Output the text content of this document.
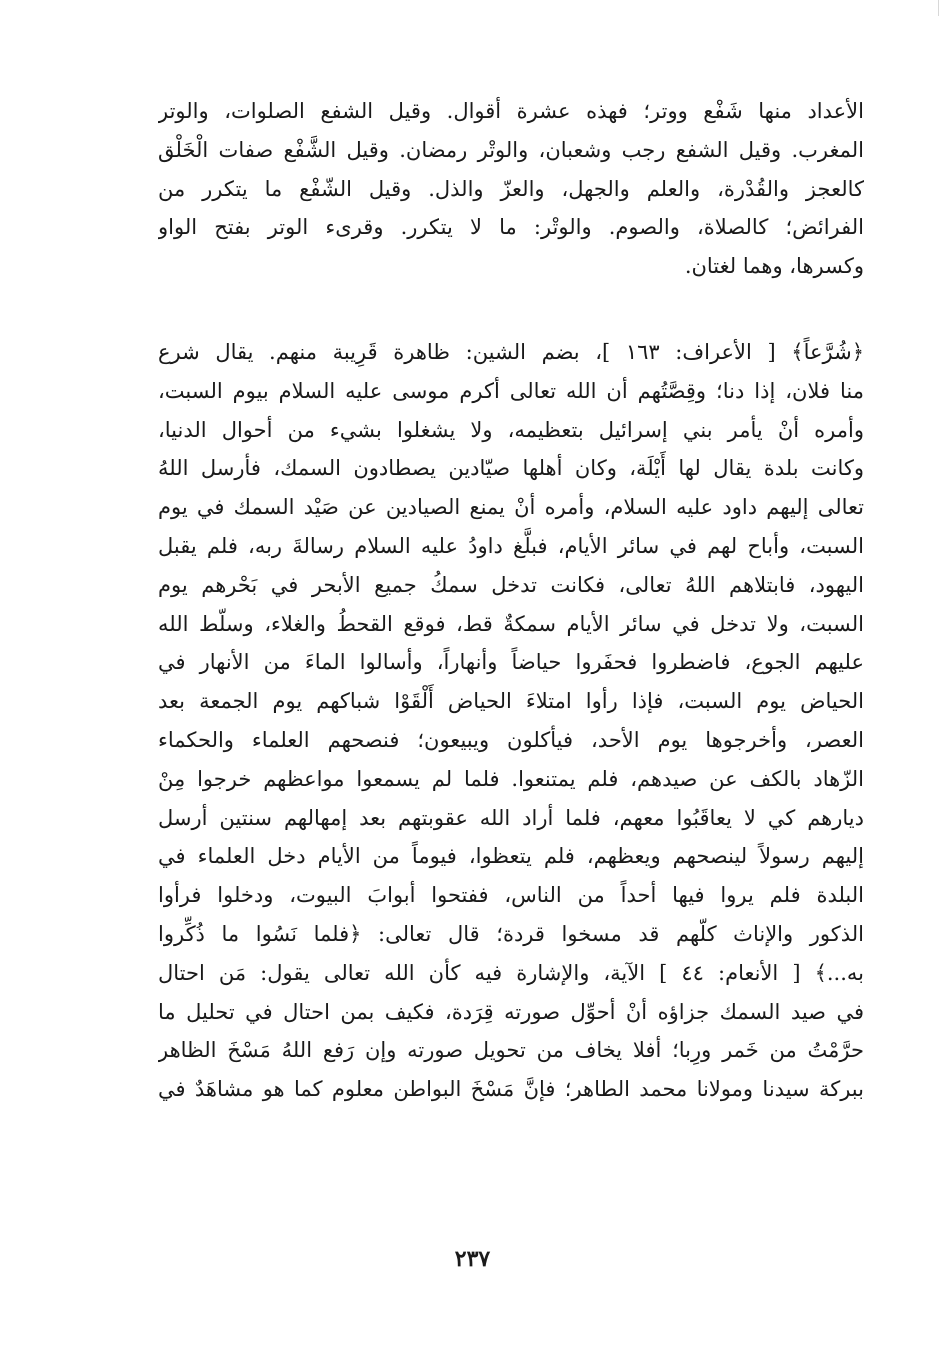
الأعداد منها شَفْع ووتر؛ فهذه عشرة أقوال. وقيل الشفع الصلوات، والوتر
المغرب. وقيل الشفع رجب وشعبان، والوتْر رمضان. وقيل الشَّفْع صفات الْخَلْق
كالعجز والقُدْرة، والعلم والجهل، والعزّ والذل. وقيل الشّفْع ما يتكرر من
الفرائض؛ كالصلاة، والصوم. والوتْر: ما لا يتكرر. وقرىء الوتر بفتح الواو
وكسرها، وهما لغتان.
﴿شُرَّعاً﴾ [ الأعراف: ١٦٣ ]، بضم الشين: ظاهرة قَرِيبة منهم. يقال شرع
منا فلان، إذا دنا؛ وقِصَّتُهم أن الله تعالى أكرم موسى عليه السلام بيوم السبت،
وأمره أنْ يأمر بني إسرائيل بتعظيمه، ولا يشغلوا بشيء من أحوال الدنيا،
وكانت بلدة يقال لها أَيْلَة، وكان أهلها صيّادين يصطادون السمك، فأرسل اللهُ
تعالى إليهم داود عليه السلام، وأمره أنْ يمنع الصيادين عن صَيْد السمك في يوم
السبت، وأباح لهم في سائر الأيام، فبلَّغ داودُ عليه السلام رسالةَ ربه، فلم يقبل
اليهود، فابتلاهم اللهُ تعالى، فكانت تدخل سمكُ جميع الأبحر في بَحْرهم يوم
السبت، ولا تدخل في سائر الأيام سمكةٌ قط، فوقع القحطُ والغلاء، وسلّط الله
عليهم الجوع، فاضطروا فحفَروا حياضاً وأنهاراً، وأسالوا الماءَ من الأنهار في
الحياض يوم السبت، فإذا رأوا امتلاءَ الحياض أَلْقَوْا شباكهم يوم الجمعة بعد
العصر، وأخرجوها يوم الأحد، فيأكلون ويبيعون؛ فنصحهم العلماء والحكماء
الزّهاد بالكف عن صيدهم، فلم يمتنعوا. فلما لم يسمعوا مواعظهم خرجوا مِنْ
ديارهم كي لا يعاقَبُوا معهم، فلما أراد الله عقوبتهم بعد إمهالهم سنتين أرسل
إليهم رسولاً لينصحهم ويعظهم، فلم يتعظوا، فيوماً من الأيام دخل العلماء في
البلدة فلم يروا فيها أحداً من الناس، ففتحوا أبوابَ البيوت، ودخلوا فرأوا
الذكور والإناث كلّهم قد مسخوا قردة؛ قال تعالى: ﴿فلما نَسُوا ما ذُكِّروا
به...﴾ [ الأنعام: ٤٤ ] الآية، والإشارة فيه كأن الله تعالى يقول: مَن احتال
في صيد السمك جزاؤه أنْ أحوِّل صورته قِرَدة، فكيف بمن احتال في تحليل ما
حرَّمْتُ من خَمر ورِبا؛ أفلا يخاف من تحويل صورته وإن رَفع اللهُ مَسْخَ الظاهر
ببركة سيدنا ومولانا محمد الطاهر؛ فإنَّ مَسْخَ البواطن معلوم كما هو مشاهَدٌ في
٢٣٧
